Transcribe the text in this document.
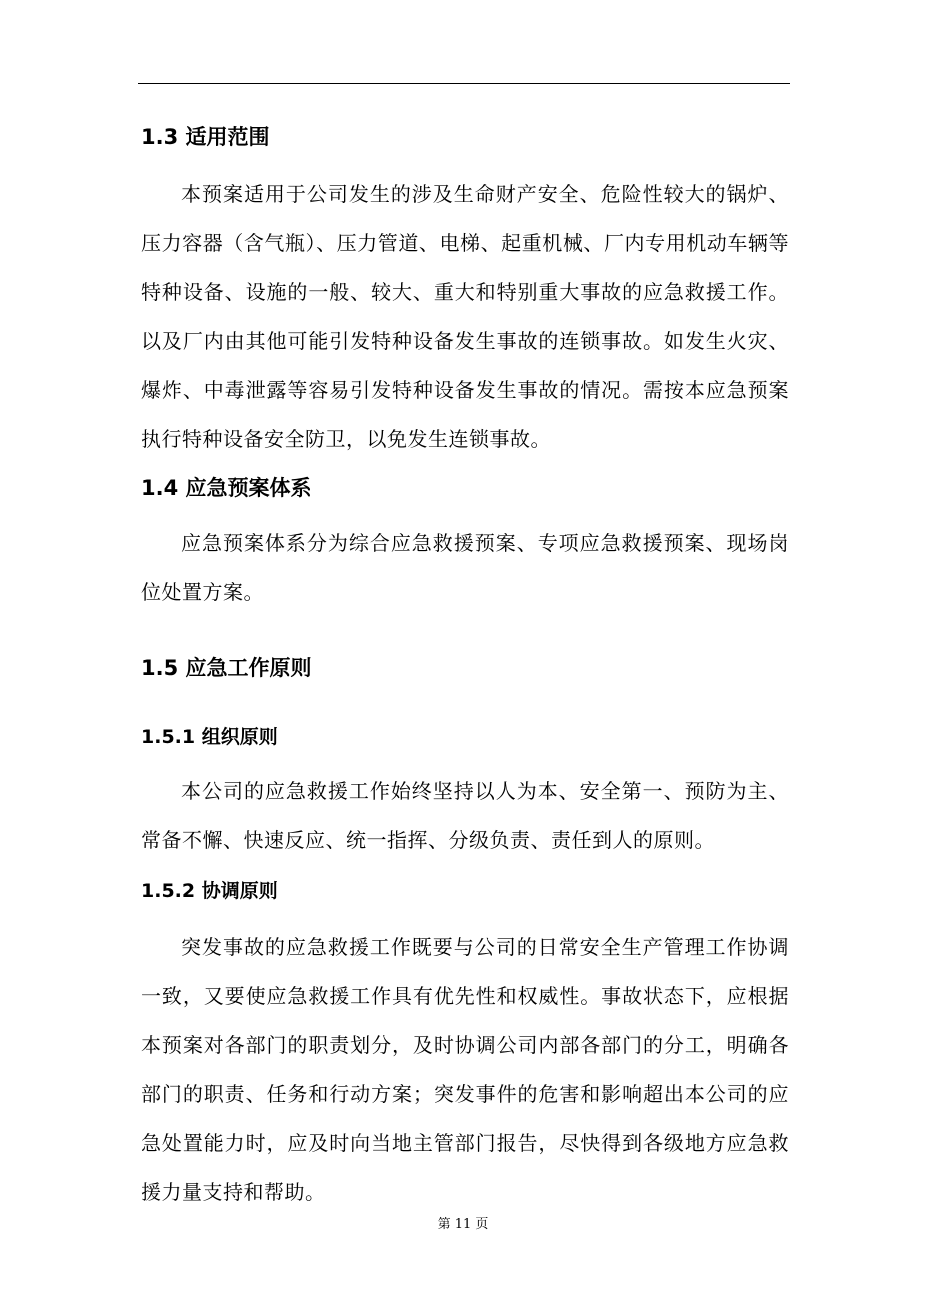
1.3 适用范围

本预案适用于公司发生的涉及生命财产安全、危险性较大的锅炉、压力容器（含气瓶）、压力管道、电梯、起重机械、厂内专用机动车辆等特种设备、设施的一般、较大、重大和特别重大事故的应急救援工作。以及厂内由其他可能引发特种设备发生事故的连锁事故。如发生火灾、爆炸、中毒泄露等容易引发特种设备发生事故的情况。需按本应急预案执行特种设备安全防卫，以免发生连锁事故。

1.4 应急预案体系

应急预案体系分为综合应急救援预案、专项应急救援预案、现场岗位处置方案。

1.5 应急工作原则
1.5.1 组织原则

本公司的应急救援工作始终坚持以人为本、安全第一、预防为主、常备不懈、快速反应、统一指挥、分级负责、责任到人的原则。

1.5.2 协调原则

突发事故的应急救援工作既要与公司的日常安全生产管理工作协调一致，又要使应急救援工作具有优先性和权威性。事故状态下，应根据本预案对各部门的职责划分，及时协调公司内部各部门的分工，明确各部门的职责、任务和行动方案；突发事件的危害和影响超出本公司的应急处置能力时，应及时向当地主管部门报告，尽快得到各级地方应急救援力量支持和帮助。

第 11 页
